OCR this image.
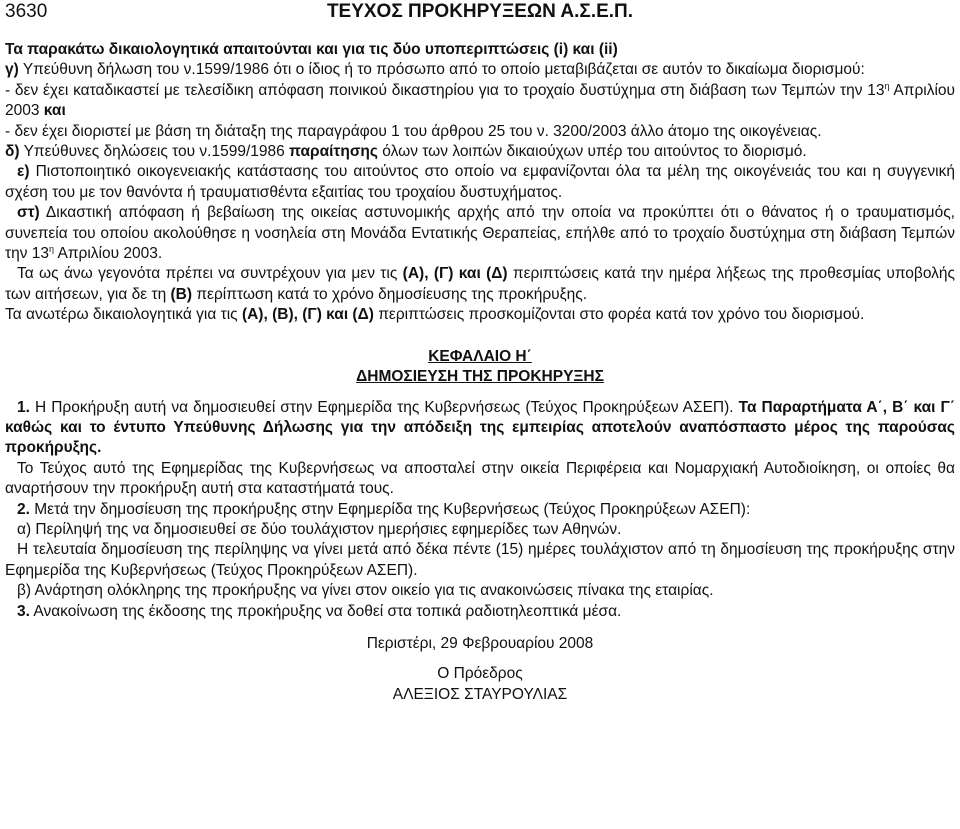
3630	ΤΕΥΧΟΣ ΠΡΟΚΗΡΥΞΕΩΝ Α.Σ.Ε.Π.

Τα παρακάτω δικαιολογητικά απαιτούνται και για τις δύο υποπεριπτώσεις (i) και (ii)

γ) Υπεύθυνη δήλωση του ν.1599/1986 ότι ο ίδιος ή το πρόσωπο από το οποίο μεταβιβάζεται σε αυτόν το δικαίωμα διορισμού:

- δεν έχει καταδικαστεί με τελεσίδικη απόφαση ποινικού δικαστηρίου για το τροχαίο δυστύχημα στη διάβαση των Τεμπών την $13^\eta$ Απριλίου 2003 και

- δεν έχει διοριστεί με βάση τη διάταξη της παραγράφου 1 του άρθρου 25 του ν. 3200/2003 άλλο άτομο της οικογένειας.

δ) Υπεύθυνες δηλώσεις του ν.1599/1986 παραίτησης όλων των λοιπών δικαιούχων υπέρ του αιτούντος το διορισμό.

ε) Πιστοποιητικό οικογενειακής κατάστασης του αιτούντος στο οποίο να εμφανίζονται όλα τα μέλη της οικογένειάς του και η συγγενική σχέση του με τον θανόντα ή τραυματισθέντα εξαιτίας του τροχαίου δυστυχήματος.

στ) Δικαστική απόφαση ή βεβαίωση της οικείας αστυνομικής αρχής από την οποία να προκύπτει ότι ο θάνατος ή ο τραυματισμός, συνεπεία του οποίου ακολούθησε η νοσηλεία στη Μονάδα Εντατικής Θεραπείας, επήλθε από το τροχαίο δυστύχημα στη διάβαση Τεμπών την $13^\eta$ Απριλίου 2003.

Τα ως άνω γεγονότα πρέπει να συντρέχουν για μεν τις (Α), (Γ) και (Δ) περιπτώσεις κατά την ημέρα λήξεως της προθεσμίας υποβολής των αιτήσεων, για δε τη (Β) περίπτωση κατά το χρόνο δημοσίευσης της προκήρυξης.

Τα ανωτέρω δικαιολογητικά για τις (Α), (Β), (Γ) και (Δ) περιπτώσεις προσκομίζονται στο φορέα κατά τον χρόνο του διορισμού.

ΚΕΦΑΛΑΙΟ Η΄

ΔΗΜΟΣΙΕΥΣΗ ΤΗΣ ΠΡΟΚΗΡΥΞΗΣ

1. Η Προκήρυξη αυτή να δημοσιευθεί στην Εφημερίδα της Κυβερνήσεως (Τεύχος Προκηρύξεων ΑΣΕΠ). Τα Παραρτήματα Α΄, Β΄ και Γ΄ καθώς και το έντυπο Υπεύθυνης Δήλωσης για την απόδειξη της εμπειρίας αποτελούν αναπόσπαστο μέρος της παρούσας προκήρυξης.

Το Τεύχος αυτό της Εφημερίδας της Κυβερνήσεως να αποσταλεί στην οικεία Περιφέρεια και Νομαρχιακή Αυτοδιοίκηση, οι οποίες θα αναρτήσουν την προκήρυξη αυτή στα καταστήματά τους.

2. Μετά την δημοσίευση της προκήρυξης στην Εφημερίδα της Κυβερνήσεως (Τεύχος Προκηρύξεων ΑΣΕΠ):

α) Περίληψή της να δημοσιευθεί σε δύο τουλάχιστον ημερήσιες εφημερίδες των Αθηνών.

Η τελευταία δημοσίευση της περίληψης να γίνει μετά από δέκα πέντε (15) ημέρες τουλάχιστον από τη δημοσίευση της προκήρυξης στην Εφημερίδα της Κυβερνήσεως (Τεύχος Προκηρύξεων ΑΣΕΠ).

β) Ανάρτηση ολόκληρης της προκήρυξης να γίνει στον οικείο για τις ανακοινώσεις πίνακα της εταιρίας.

3. Ανακοίνωση της έκδοσης της προκήρυξης να δοθεί στα τοπικά ραδιοτηλεοπτικά μέσα.

Περιστέρι, 29 Φεβρουαρίου 2008

Ο Πρόεδρος

ΑΛΕΞΙΟΣ ΣΤΑΥΡΟΥΛΙΑΣ
